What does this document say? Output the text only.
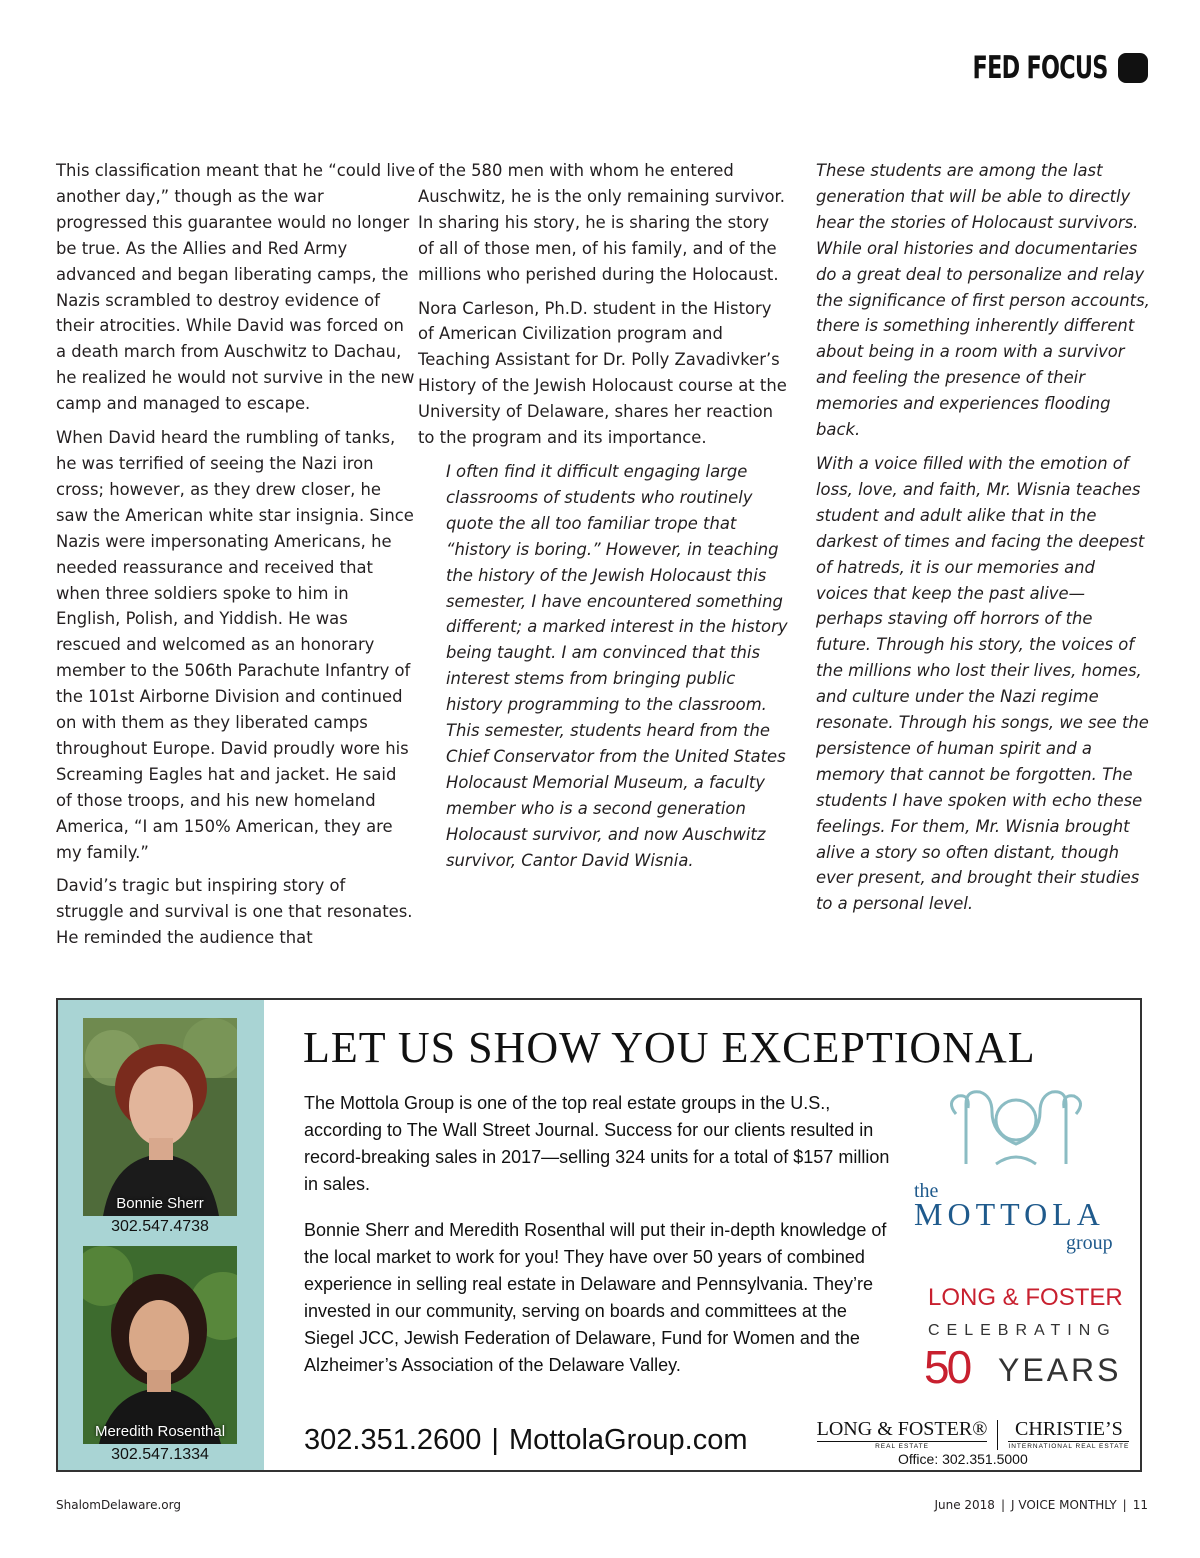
FED FOCUS

This classification meant that he “could live another day,” though as the war progressed this guarantee would no longer be true. As the Allies and Red Army advanced and began liberating camps, the Nazis scrambled to destroy evidence of their atrocities. While David was forced on a death march from Auschwitz to Dachau, he realized he would not survive in the new camp and managed to escape.

When David heard the rumbling of tanks, he was terrified of seeing the Nazi iron cross; however, as they drew closer, he saw the American white star insignia. Since Nazis were impersonating Americans, he needed reassurance and received that when three soldiers spoke to him in English, Polish, and Yiddish. He was rescued and welcomed as an honorary member to the 506th Parachute Infantry of the 101st Airborne Division and continued on with them as they liberated camps throughout Europe. David proudly wore his Screaming Eagles hat and jacket. He said of those troops, and his new homeland America, “I am 150% American, they are my family.”

David’s tragic but inspiring story of struggle and survival is one that resonates. He reminded the audience that

of the 580 men with whom he entered Auschwitz, he is the only remaining survivor. In sharing his story, he is sharing the story of all of those men, of his family, and of the millions who perished during the Holocaust.

Nora Carleson, Ph.D. student in the History of American Civilization program and Teaching Assistant for Dr. Polly Zavadivker’s History of the Jewish Holocaust course at the University of Delaware, shares her reaction to the program and its importance.

I often find it difficult engaging large classrooms of students who routinely quote the all too familiar trope that “history is boring.” However, in teaching the history of the Jewish Holocaust this semester, I have encountered something different; a marked interest in the history being taught. I am convinced that this interest stems from bringing public history programming to the classroom. This semester, students heard from the Chief Conservator from the United States Holocaust Memorial Museum, a faculty member who is a second generation Holocaust survivor, and now Auschwitz survivor, Cantor David Wisnia.

These students are among the last generation that will be able to directly hear the stories of Holocaust survivors. While oral histories and documentaries do a great deal to personalize and relay the significance of first person accounts, there is something inherently different about being in a room with a survivor and feeling the presence of their memories and experiences flooding back.

With a voice filled with the emotion of loss, love, and faith, Mr. Wisnia teaches student and adult alike that in the darkest of times and facing the deepest of hatreds, it is our memories and voices that keep the past alive—perhaps staving off horrors of the future. Through his story, the voices of the millions who lost their lives, homes, and culture under the Nazi regime resonate. Through his songs, we see the persistence of human spirit and a memory that cannot be forgotten. The students I have spoken with echo these feelings. For them, Mr. Wisnia brought alive a story so often distant, though ever present, and brought their studies to a personal level.

Bonnie Sherr
302.547.4738
Meredith Rosenthal
302.547.1334
LET US SHOW YOU EXCEPTIONAL
The Mottola Group is one of the top real estate groups in the U.S., according to The Wall Street Journal. Success for our clients resulted in record-breaking sales in 2017—selling 324 units for a total of $157 million in sales.
Bonnie Sherr and Meredith Rosenthal will put their in-depth knowledge of the local market to work for you! They have over 50 years of combined experience in selling real estate in Delaware and Pennsylvania. They’re invested in our community, serving on boards and committees at the Siegel JCC, Jewish Federation of Delaware, Fund for Women and the Alzheimer’s Association of the Delaware Valley.
302.351.2600 | MottolaGroup.com
the
MOTTOLA
group
LONG & FOSTER
CELEBRATING
50 YEARS
LONG & FOSTER®
REAL ESTATE
CHRISTIE’S
INTERNATIONAL REAL ESTATE
Office: 302.351.5000
ShalomDelaware.org	June 2018 | J VOICE MONTHLY | 11
